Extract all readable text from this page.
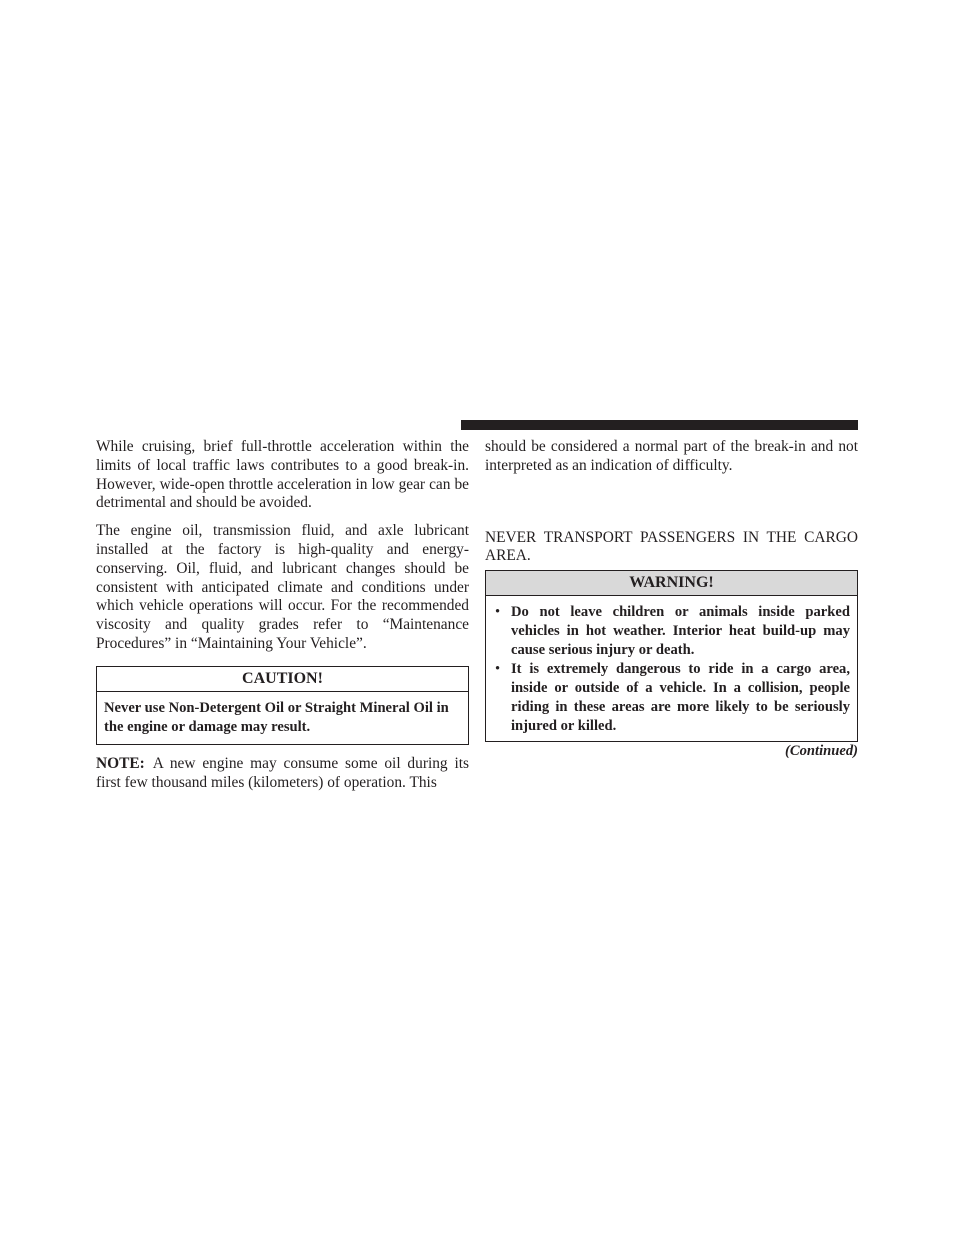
While cruising, brief full-throttle acceleration within the limits of local traffic laws contributes to a good break-in. However, wide-open throttle acceleration in low gear can be detrimental and should be avoided.

The engine oil, transmission fluid, and axle lubricant installed at the factory is high-quality and energy-conserving. Oil, fluid, and lubricant changes should be consistent with anticipated climate and conditions under which vehicle operations will occur. For the recommended viscosity and quality grades refer to “Maintenance Procedures” in “Maintaining Your Vehicle”.

CAUTION!
Never use Non-Detergent Oil or Straight Mineral Oil in the engine or damage may result.

NOTE: A new engine may consume some oil during its first few thousand miles (kilometers) of operation. This

should be considered a normal part of the break-in and not interpreted as an indication of difficulty.

NEVER TRANSPORT PASSENGERS IN THE CARGO AREA.

WARNING!
• Do not leave children or animals inside parked vehicles in hot weather. Interior heat build-up may cause serious injury or death.
• It is extremely dangerous to ride in a cargo area, inside or outside of a vehicle. In a collision, people riding in these areas are more likely to be seriously injured or killed.
(Continued)
